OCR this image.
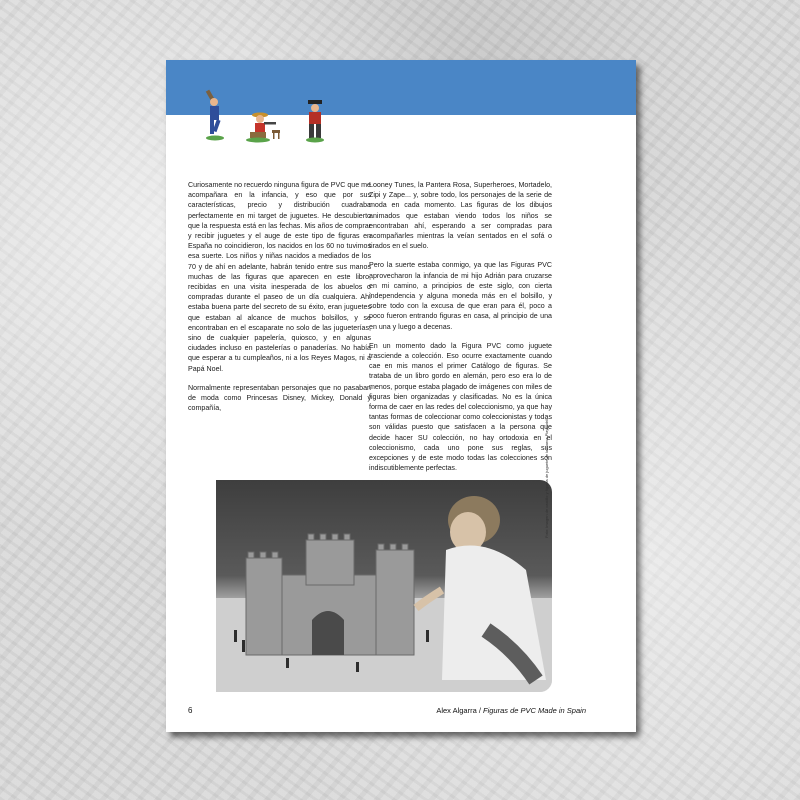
Curiosamente no recuerdo ninguna figura de PVC que me acompañara en la infancia, y eso que por sus características, precio y distribución cuadraba perfectamente en mi target de juguetes. He descubierto que la respuesta está en las fechas. Mis años de comprar y recibir juguetes y el auge de este tipo de figuras en España no coincidieron, los nacidos en los 60 no tuvimos esa suerte. Los niños y niñas nacidos a mediados de los 70 y de ahí en adelante, habrán tenido entre sus manos muchas de las figuras que aparecen en este libro, recibidas en una visita inesperada de los abuelos o compradas durante el paseo de un día cualquiera. Ahí estaba buena parte del secreto de su éxito, eran juguetes que estaban al alcance de muchos bolsillos, y se encontraban en el escaparate no solo de las jugueterías, sino de cualquier papelería, quiosco, y en algunas ciudades incluso en pastelerías o panaderías. No había que esperar a tu cumpleaños, ni a los Reyes Magos, ni a Papá Noel.

Normalmente representaban personajes que no pasaban de moda como Princesas Disney, Mickey, Donald y compañía,

Looney Tunes, la Pantera Rosa, Superheroes, Mortadelo, Zipi y Zape... y, sobre todo, los personajes de la serie de moda en cada momento. Las figuras de los dibujos animados que estaban viendo todos los niños se encontraban ahí, esperando a ser compradas para acompañarles mientras la veían sentados en el sofá o tirados en el suelo.

Pero la suerte estaba conmigo, ya que las Figuras PVC aprovecharon la infancia de mi hijo Adrián para cruzarse en mi camino, a principios de este siglo, con cierta independencia y alguna moneda más en el bolsillo, y sobre todo con la excusa de que eran para él, poco a poco fueron entrando figuras en casa, al principio de una en una y luego a decenas.

En un momento dado la Figura PVC como juguete trasciende a colección. Eso ocurre exactamente cuando cae en mis manos el primer Catálogo de figuras. Se trataba de un libro gordo en alemán, pero eso era lo de menos, porque estaba plagado de imágenes con miles de figuras bien organizadas y clasificadas. No es la única forma de caer en las redes del coleccionismo, ya que hay tantas formas de coleccionar como coleccionistas y todas son válidas puesto que satisfacen a la persona que decide hacer SU colección, no hay ortodoxia en el coleccionismo, cada uno pone sus reglas, sus excepciones y de este modo todas las colecciones son indiscutiblemente perfectas.	Foto: Imagen de castillo y figuras de juguete de la marca Playmobil
6	Alex Algarra / Figuras de PVC Made in Spain
